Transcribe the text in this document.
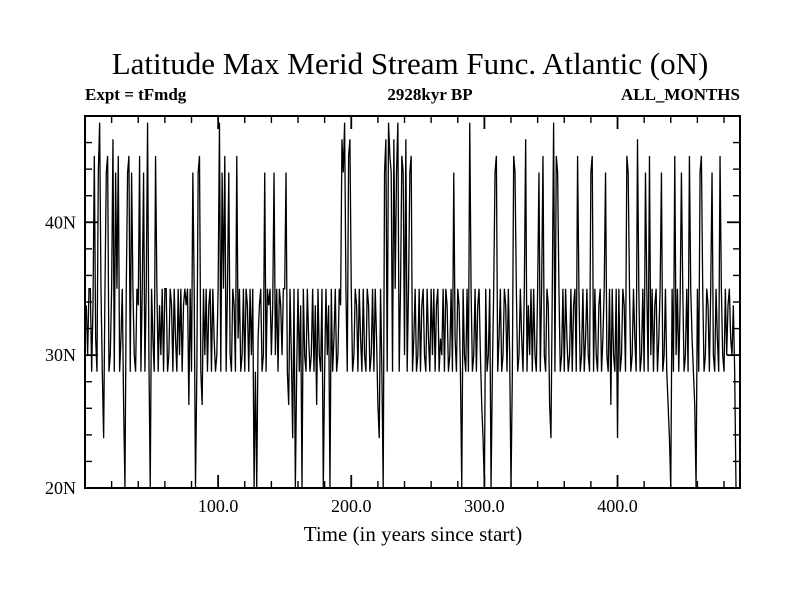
Latitude Max Merid Stream Func. Atlantic (oN)
Expt = tFmdg	2928kyr BP	ALL_MONTHS
100.0	200.0	300.0	400.0
20N
30N
40N
Time (in years since start)
